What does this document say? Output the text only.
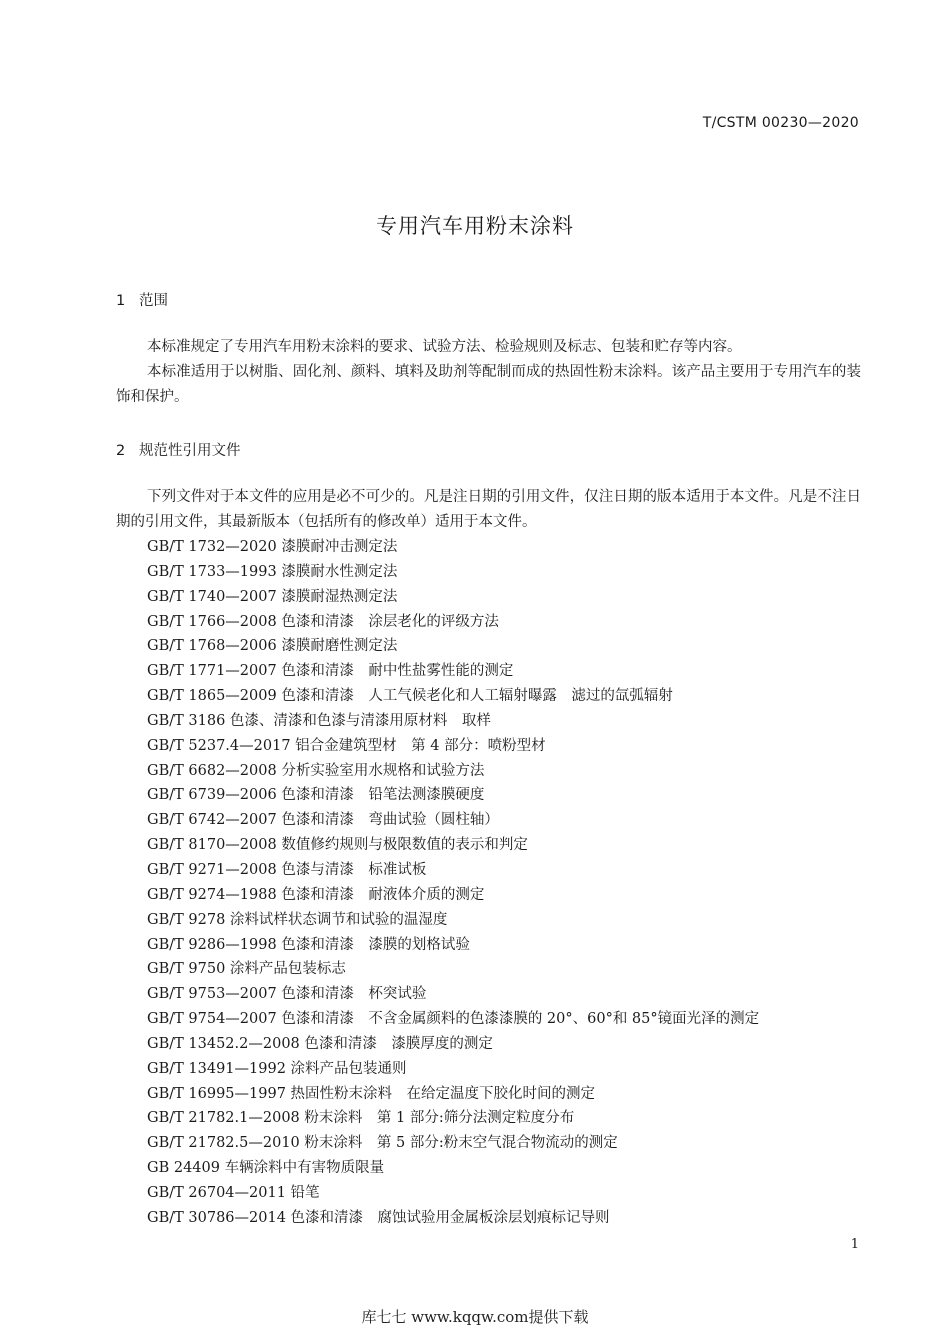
T/CSTM 00230—2020
专用汽车用粉末涂料
1 范围
本标准规定了专用汽车用粉末涂料的要求、试验方法、检验规则及标志、包装和贮存等内容。
本标准适用于以树脂、固化剂、颜料、填料及助剂等配制而成的热固性粉末涂料。该产品主要用于专用汽车的装饰和保护。
2 规范性引用文件
下列文件对于本文件的应用是必不可少的。凡是注日期的引用文件，仅注日期的版本适用于本文件。凡是不注日期的引用文件，其最新版本（包括所有的修改单）适用于本文件。
GB/T 1732—2020 漆膜耐冲击测定法
GB/T 1733—1993 漆膜耐水性测定法
GB/T 1740—2007 漆膜耐湿热测定法
GB/T 1766—2008 色漆和清漆　涂层老化的评级方法
GB/T 1768—2006 漆膜耐磨性测定法
GB/T 1771—2007 色漆和清漆　耐中性盐雾性能的测定
GB/T 1865—2009 色漆和清漆　人工气候老化和人工辐射曝露　滤过的氙弧辐射
GB/T 3186 色漆、清漆和色漆与清漆用原材料　取样
GB/T 5237.4—2017 铝合金建筑型材　第 4 部分：喷粉型材
GB/T 6682—2008 分析实验室用水规格和试验方法
GB/T 6739—2006 色漆和清漆　铅笔法测漆膜硬度
GB/T 6742—2007 色漆和清漆　弯曲试验（圆柱轴）
GB/T 8170—2008 数值修约规则与极限数值的表示和判定
GB/T 9271—2008 色漆与清漆　标准试板
GB/T 9274—1988 色漆和清漆　耐液体介质的测定
GB/T 9278 涂料试样状态调节和试验的温湿度
GB/T 9286—1998 色漆和清漆　漆膜的划格试验
GB/T 9750 涂料产品包装标志
GB/T 9753—2007 色漆和清漆　杯突试验
GB/T 9754—2007 色漆和清漆　不含金属颜料的色漆漆膜的 20°、60°和 85°镜面光泽的测定
GB/T 13452.2—2008 色漆和清漆　漆膜厚度的测定
GB/T 13491—1992 涂料产品包装通则
GB/T 16995—1997 热固性粉末涂料　在给定温度下胶化时间的测定
GB/T 21782.1—2008 粉末涂料　第 1 部分:筛分法测定粒度分布
GB/T 21782.5—2010 粉末涂料　第 5 部分:粉末空气混合物流动的测定
GB 24409 车辆涂料中有害物质限量
GB/T 26704—2011 铅笔
GB/T 30786—2014 色漆和清漆　腐蚀试验用金属板涂层划痕标记导则
1
库七七 www.kqqw.com提供下载
